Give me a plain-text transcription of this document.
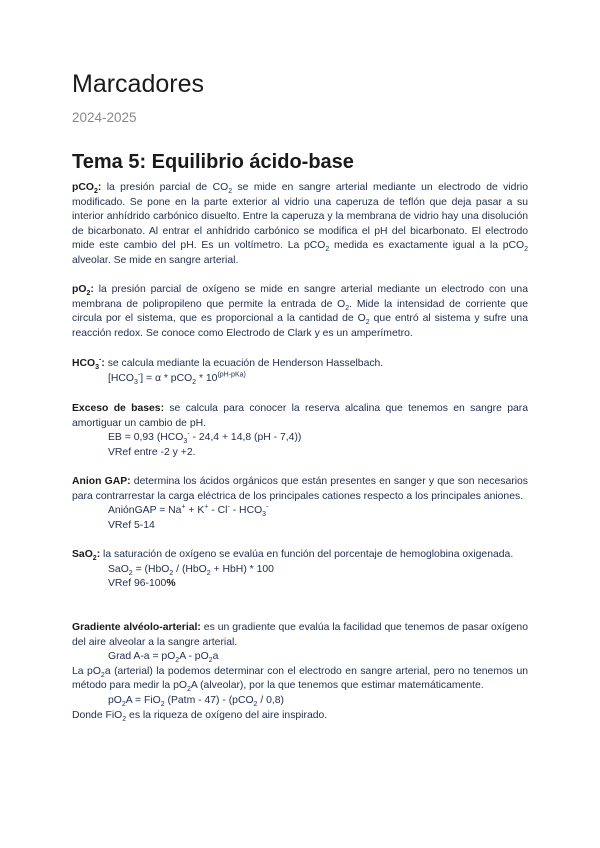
Marcadores
2024-2025
Tema 5: Equilibrio ácido-base

pCO$_2$: la presión parcial de $CO_2$ se mide en sangre arterial mediante un electrodo de vidrio modificado. Se pone en la parte exterior al vidrio una caperuza de teflón que deja pasar a su interior anhídrido carbónico disuelto. Entre la caperuza y la membrana de vidrio hay una disolución de bicarbonato. Al entrar el anhídrido carbónico se modifica el pH del bicarbonato. El electrodo mide este cambio del pH. Es un voltímetro. La pCO$_2$ medida es exactamente igual a la pCO$_2$ alveolar. Se mide en sangre arterial.

$pO_2$: la presión parcial de oxígeno se mide en sangre arterial mediante un electrodo con una membrana de polipropileno que permite la entrada de $O_2$. Mide la intensidad de corriente que circula por el sistema, que es proporcional a la cantidad de $O_2$ que entró al sistema y sufre una reacción redox. Se conoce como Electrodo de Clark y es un amperímetro.

$HCO_3^-$: se calcula mediante la ecuación de Henderson Hasselbach.

$[HCO_3^-] = \alpha * pCO_2 * 10^{(pH-pKa)}$

Exceso de bases: se calcula para conocer la reserva alcalina que tenemos en sangre para amortiguar un cambio de pH.

EB = 0,93 ($HCO_3^- - 24,4 + 14,8$ (pH - 7,4))

VRef entre -2 y +2.

Anion GAP: determina los ácidos orgánicos que están presentes en sanger y que son necesarios para contrarrestar la carga eléctrica de los principales cationes respecto a los principales aniones.

AniónGAP = $Na^+ + K^+ - Cl^- - HCO_3^-$

VRef 5-14

SaO$_2$: la saturación de oxígeno se evalúa en función del porcentaje de hemoglobina oxigenada.

SaO$_2$ = (HbO$_2$ / (HbO$_2$ + HbH) * 100

VRef 96-100%

Gradiente alvéolo-arterial: es un gradiente que evalúa la facilidad que tenemos de pasar oxígeno del aire alveolar a la sangre arterial.

Grad $A-a = pO_2A - pO_2a$

La $pO_2a$ (arterial) la podemos determinar con el electrodo en sangre arterial, pero no tenemos un método para medir la $pO_2A$ (alveolar), por la que tenemos que estimar matemáticamente.

$pO_2A = FiO_2$ (Patm - 47) - (pCO$_2$ / 0,8)

Donde FiO$_2$ es la riqueza de oxígeno del aire inspirado.
